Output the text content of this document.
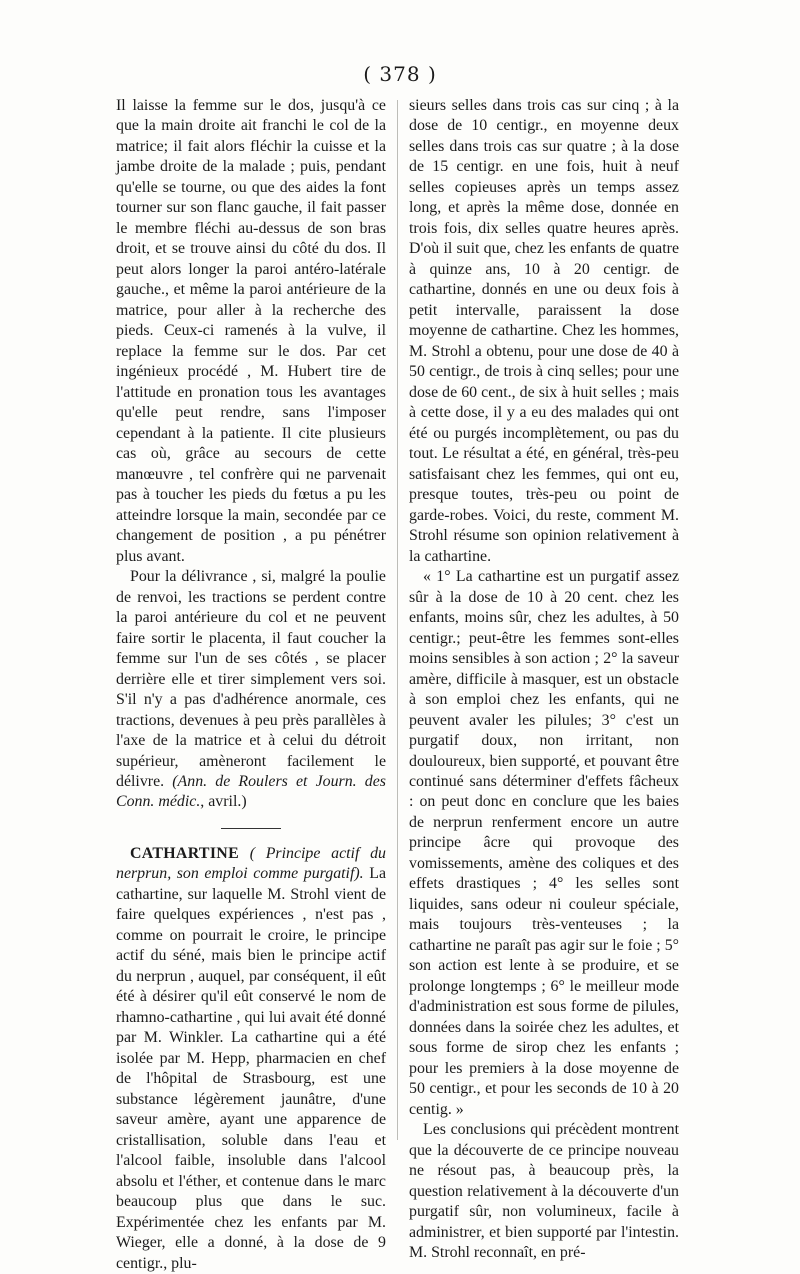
( 378 )

Il laisse la femme sur le dos, jusqu'à ce que la main droite ait franchi le col de la matrice; il fait alors fléchir la cuisse et la jambe droite de la malade ; puis, pendant qu'elle se tourne, ou que des aides la font tourner sur son flanc gauche, il fait passer le membre fléchi au-dessus de son bras droit, et se trouve ainsi du côté du dos. Il peut alors longer la paroi antéro-latérale gauche., et même la paroi antérieure de la matrice, pour aller à la recherche des pieds. Ceux-ci ramenés à la vulve, il replace la femme sur le dos. Par cet ingénieux procédé , M. Hubert tire de l'attitude en pronation tous les avantages qu'elle peut rendre, sans l'imposer cependant à la patiente. Il cite plusieurs cas où, grâce au secours de cette manœuvre , tel confrère qui ne parvenait pas à toucher les pieds du fœtus a pu les atteindre lorsque la main, secondée par ce changement de position , a pu pénétrer plus avant.

Pour la délivrance , si, malgré la poulie de renvoi, les tractions se perdent contre la paroi antérieure du col et ne peuvent faire sortir le placenta, il faut coucher la femme sur l'un de ses côtés , se placer derrière elle et tirer simplement vers soi. S'il n'y a pas d'adhérence anormale, ces tractions, devenues à peu près parallèles à l'axe de la matrice et à celui du détroit supérieur, amèneront facilement le délivre. (Ann. de Roulers et Journ. des Conn. médic., avril.)

CATHARTINE ( Principe actif du nerprun, son emploi comme purgatif). La cathartine, sur laquelle M. Strohl vient de faire quelques expériences , n'est pas , comme on pourrait le croire, le principe actif du séné, mais bien le principe actif du nerprun , auquel, par conséquent, il eût été à désirer qu'il eût conservé le nom de rhamno-cathartine , qui lui avait été donné par M. Winkler. La cathartine qui a été isolée par M. Hepp, pharmacien en chef de l'hôpital de Strasbourg, est une substance légèrement jaunâtre, d'une saveur amère, ayant une apparence de cristallisation, soluble dans l'eau et l'alcool faible, insoluble dans l'alcool absolu et l'éther, et contenue dans le marc beaucoup plus que dans le suc. Expérimentée chez les enfants par M. Wieger, elle a donné, à la dose de 9 centigr., plu-

sieurs selles dans trois cas sur cinq ; à la dose de 10 centigr., en moyenne deux selles dans trois cas sur quatre ; à la dose de 15 centigr. en une fois, huit à neuf selles copieuses après un temps assez long, et après la même dose, donnée en trois fois, dix selles quatre heures après. D'où il suit que, chez les enfants de quatre à quinze ans, 10 à 20 centigr. de cathartine, donnés en une ou deux fois à petit intervalle, paraissent la dose moyenne de cathartine. Chez les hommes, M. Strohl a obtenu, pour une dose de 40 à 50 centigr., de trois à cinq selles; pour une dose de 60 cent., de six à huit selles ; mais à cette dose, il y a eu des malades qui ont été ou purgés incomplètement, ou pas du tout. Le résultat a été, en général, très-peu satisfaisant chez les femmes, qui ont eu, presque toutes, très-peu ou point de garde-robes. Voici, du reste, comment M. Strohl résume son opinion relativement à la cathartine.

« 1° La cathartine est un purgatif assez sûr à la dose de 10 à 20 cent. chez les enfants, moins sûr, chez les adultes, à 50 centigr.; peut-être les femmes sont-elles moins sensibles à son action ; 2° la saveur amère, difficile à masquer, est un obstacle à son emploi chez les enfants, qui ne peuvent avaler les pilules; 3° c'est un purgatif doux, non irritant, non douloureux, bien supporté, et pouvant être continué sans déterminer d'effets fâcheux : on peut donc en conclure que les baies de nerprun renferment encore un autre principe âcre qui provoque des vomissements, amène des coliques et des effets drastiques ; 4° les selles sont liquides, sans odeur ni couleur spéciale, mais toujours très-venteuses ; la cathartine ne paraît pas agir sur le foie ; 5° son action est lente à se produire, et se prolonge longtemps ; 6° le meilleur mode d'administration est sous forme de pilules, données dans la soirée chez les adultes, et sous forme de sirop chez les enfants ; pour les premiers à la dose moyenne de 50 centigr., et pour les seconds de 10 à 20 centig. »

Les conclusions qui précèdent montrent que la découverte de ce principe nouveau ne résout pas, à beaucoup près, la question relativement à la découverte d'un purgatif sûr, non volumineux, facile à administrer, et bien supporté par l'intestin. M. Strohl reconnaît, en pré-
